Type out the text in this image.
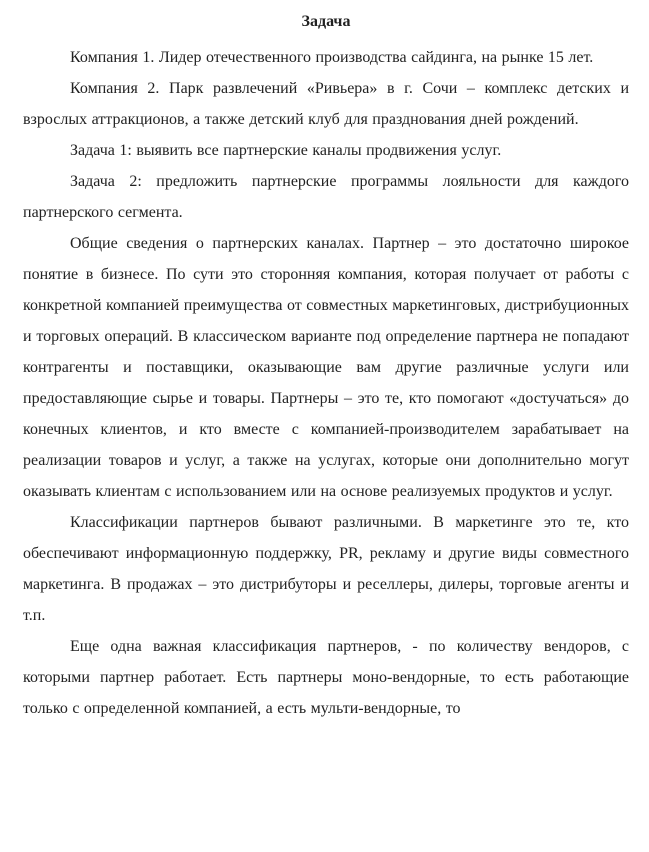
Задача

Компания 1. Лидер отечественного производства сайдинга, на рынке 15 лет.

Компания 2. Парк развлечений «Ривьера» в г. Сочи – комплекс детских и взрослых аттракционов, а также детский клуб для празднования дней рождений.

Задача 1: выявить все партнерские каналы продвижения услуг.

Задача 2: предложить партнерские программы лояльности для каждого партнерского сегмента.

Общие сведения о партнерских каналах. Партнер – это достаточно широкое понятие в бизнесе. По сути это сторонняя компания, которая получает от работы с конкретной компанией преимущества от совместных маркетинговых, дистрибуционных и торговых операций. В классическом варианте под определение партнера не попадают контрагенты и поставщики, оказывающие вам другие различные услуги или предоставляющие сырье и товары. Партнеры – это те, кто помогают «достучаться» до конечных клиентов, и кто вместе с компанией-производителем зарабатывает на реализации товаров и услуг, а также на услугах, которые они дополнительно могут оказывать клиентам с использованием или на основе реализуемых продуктов и услуг.

Классификации партнеров бывают различными. В маркетинге это те, кто обеспечивают информационную поддержку, PR, рекламу и другие виды совместного маркетинга. В продажах – это дистрибуторы и реселлеры, дилеры, торговые агенты и т.п.

Еще одна важная классификация партнеров, - по количеству вендоров, с которыми партнер работает. Есть партнеры моно-вендорные, то есть работающие только с определенной компанией, а есть мульти-вендорные, то
